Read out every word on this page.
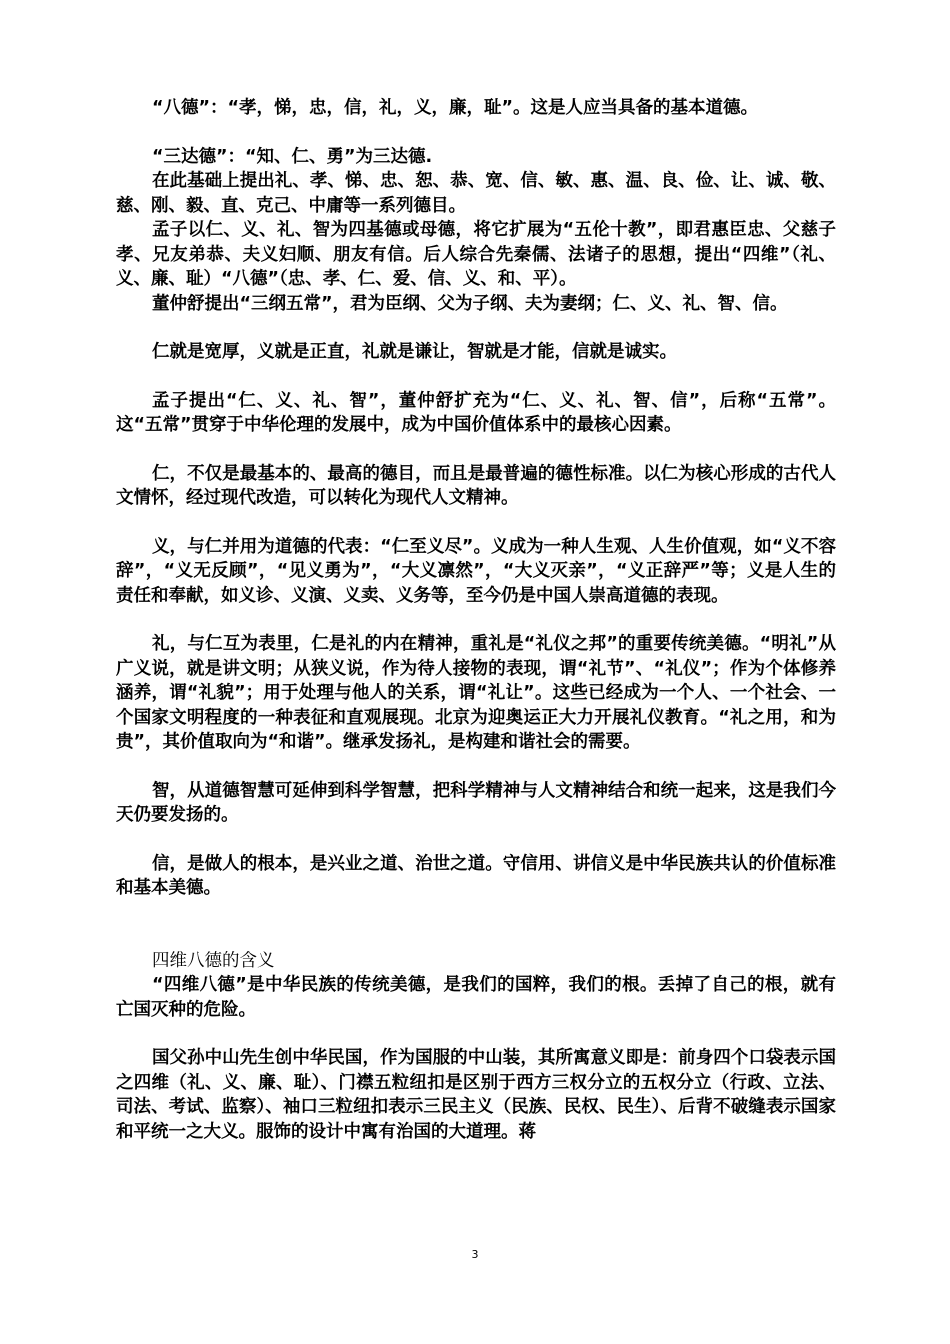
“八德”：“孝，悌，忠，信，礼，义，廉，耻”。这是人应当具备的基本道德。

“三达德”：“知、仁、勇”为三达德.

在此基础上提出礼、孝、悌、忠、恕、恭、宽、信、敏、惠、温、良、俭、让、诚、敬、慈、刚、毅、直、克己、中庸等一系列德目。

孟子以仁、义、礼、智为四基德或母德，将它扩展为“五伦十教”，即君惠臣忠、父慈子孝、兄友弟恭、夫义妇顺、朋友有信。后人综合先秦儒、法诸子的思想，提出“四维”（礼、义、廉、耻）“八德”（忠、孝、仁、爱、信、义、和、平）。

董仲舒提出“三纲五常”，君为臣纲、父为子纲、夫为妻纲；仁、义、礼、智、信。

仁就是宽厚，义就是正直，礼就是谦让，智就是才能，信就是诚实。

孟子提出“仁、义、礼、智”，董仲舒扩充为“仁、义、礼、智、信”，后称“五常”。这“五常”贯穿于中华伦理的发展中，成为中国价值体系中的最核心因素。

仁，不仅是最基本的、最高的德目，而且是最普遍的德性标准。以仁为核心形成的古代人文情怀，经过现代改造，可以转化为现代人文精神。

义，与仁并用为道德的代表：“仁至义尽”。义成为一种人生观、人生价值观，如“义不容辞”，“义无反顾”，“见义勇为”，“大义凛然”，“大义灭亲”，“义正辞严”等；义是人生的责任和奉献，如义诊、义演、义卖、义务等，至今仍是中国人崇高道德的表现。

礼，与仁互为表里，仁是礼的内在精神，重礼是“礼仪之邦”的重要传统美德。“明礼”从广义说，就是讲文明；从狭义说，作为待人接物的表现，谓“礼节”、“礼仪”；作为个体修养涵养，谓“礼貌”；用于处理与他人的关系，谓“礼让”。这些已经成为一个人、一个社会、一个国家文明程度的一种表征和直观展现。北京为迎奥运正大力开展礼仪教育。“礼之用，和为贵”，其价值取向为“和谐”。继承发扬礼，是构建和谐社会的需要。

智，从道德智慧可延伸到科学智慧，把科学精神与人文精神结合和统一起来，这是我们今天仍要发扬的。

信，是做人的根本，是兴业之道、治世之道。守信用、讲信义是中华民族共认的价值标准和基本美德。

四维八德的含义

“四维八德”是中华民族的传统美德，是我们的国粹，我们的根。丢掉了自己的根，就有亡国灭种的危险。

国父孙中山先生创中华民国，作为国服的中山装，其所寓意义即是：前身四个口袋表示国之四维（礼、义、廉、耻）、门襟五粒纽扣是区别于西方三权分立的五权分立（行政、立法、司法、考试、监察）、袖口三粒纽扣表示三民主义（民族、民权、民生）、后背不破缝表示国家和平统一之大义。服饰的设计中寓有治国的大道理。蒋

3
